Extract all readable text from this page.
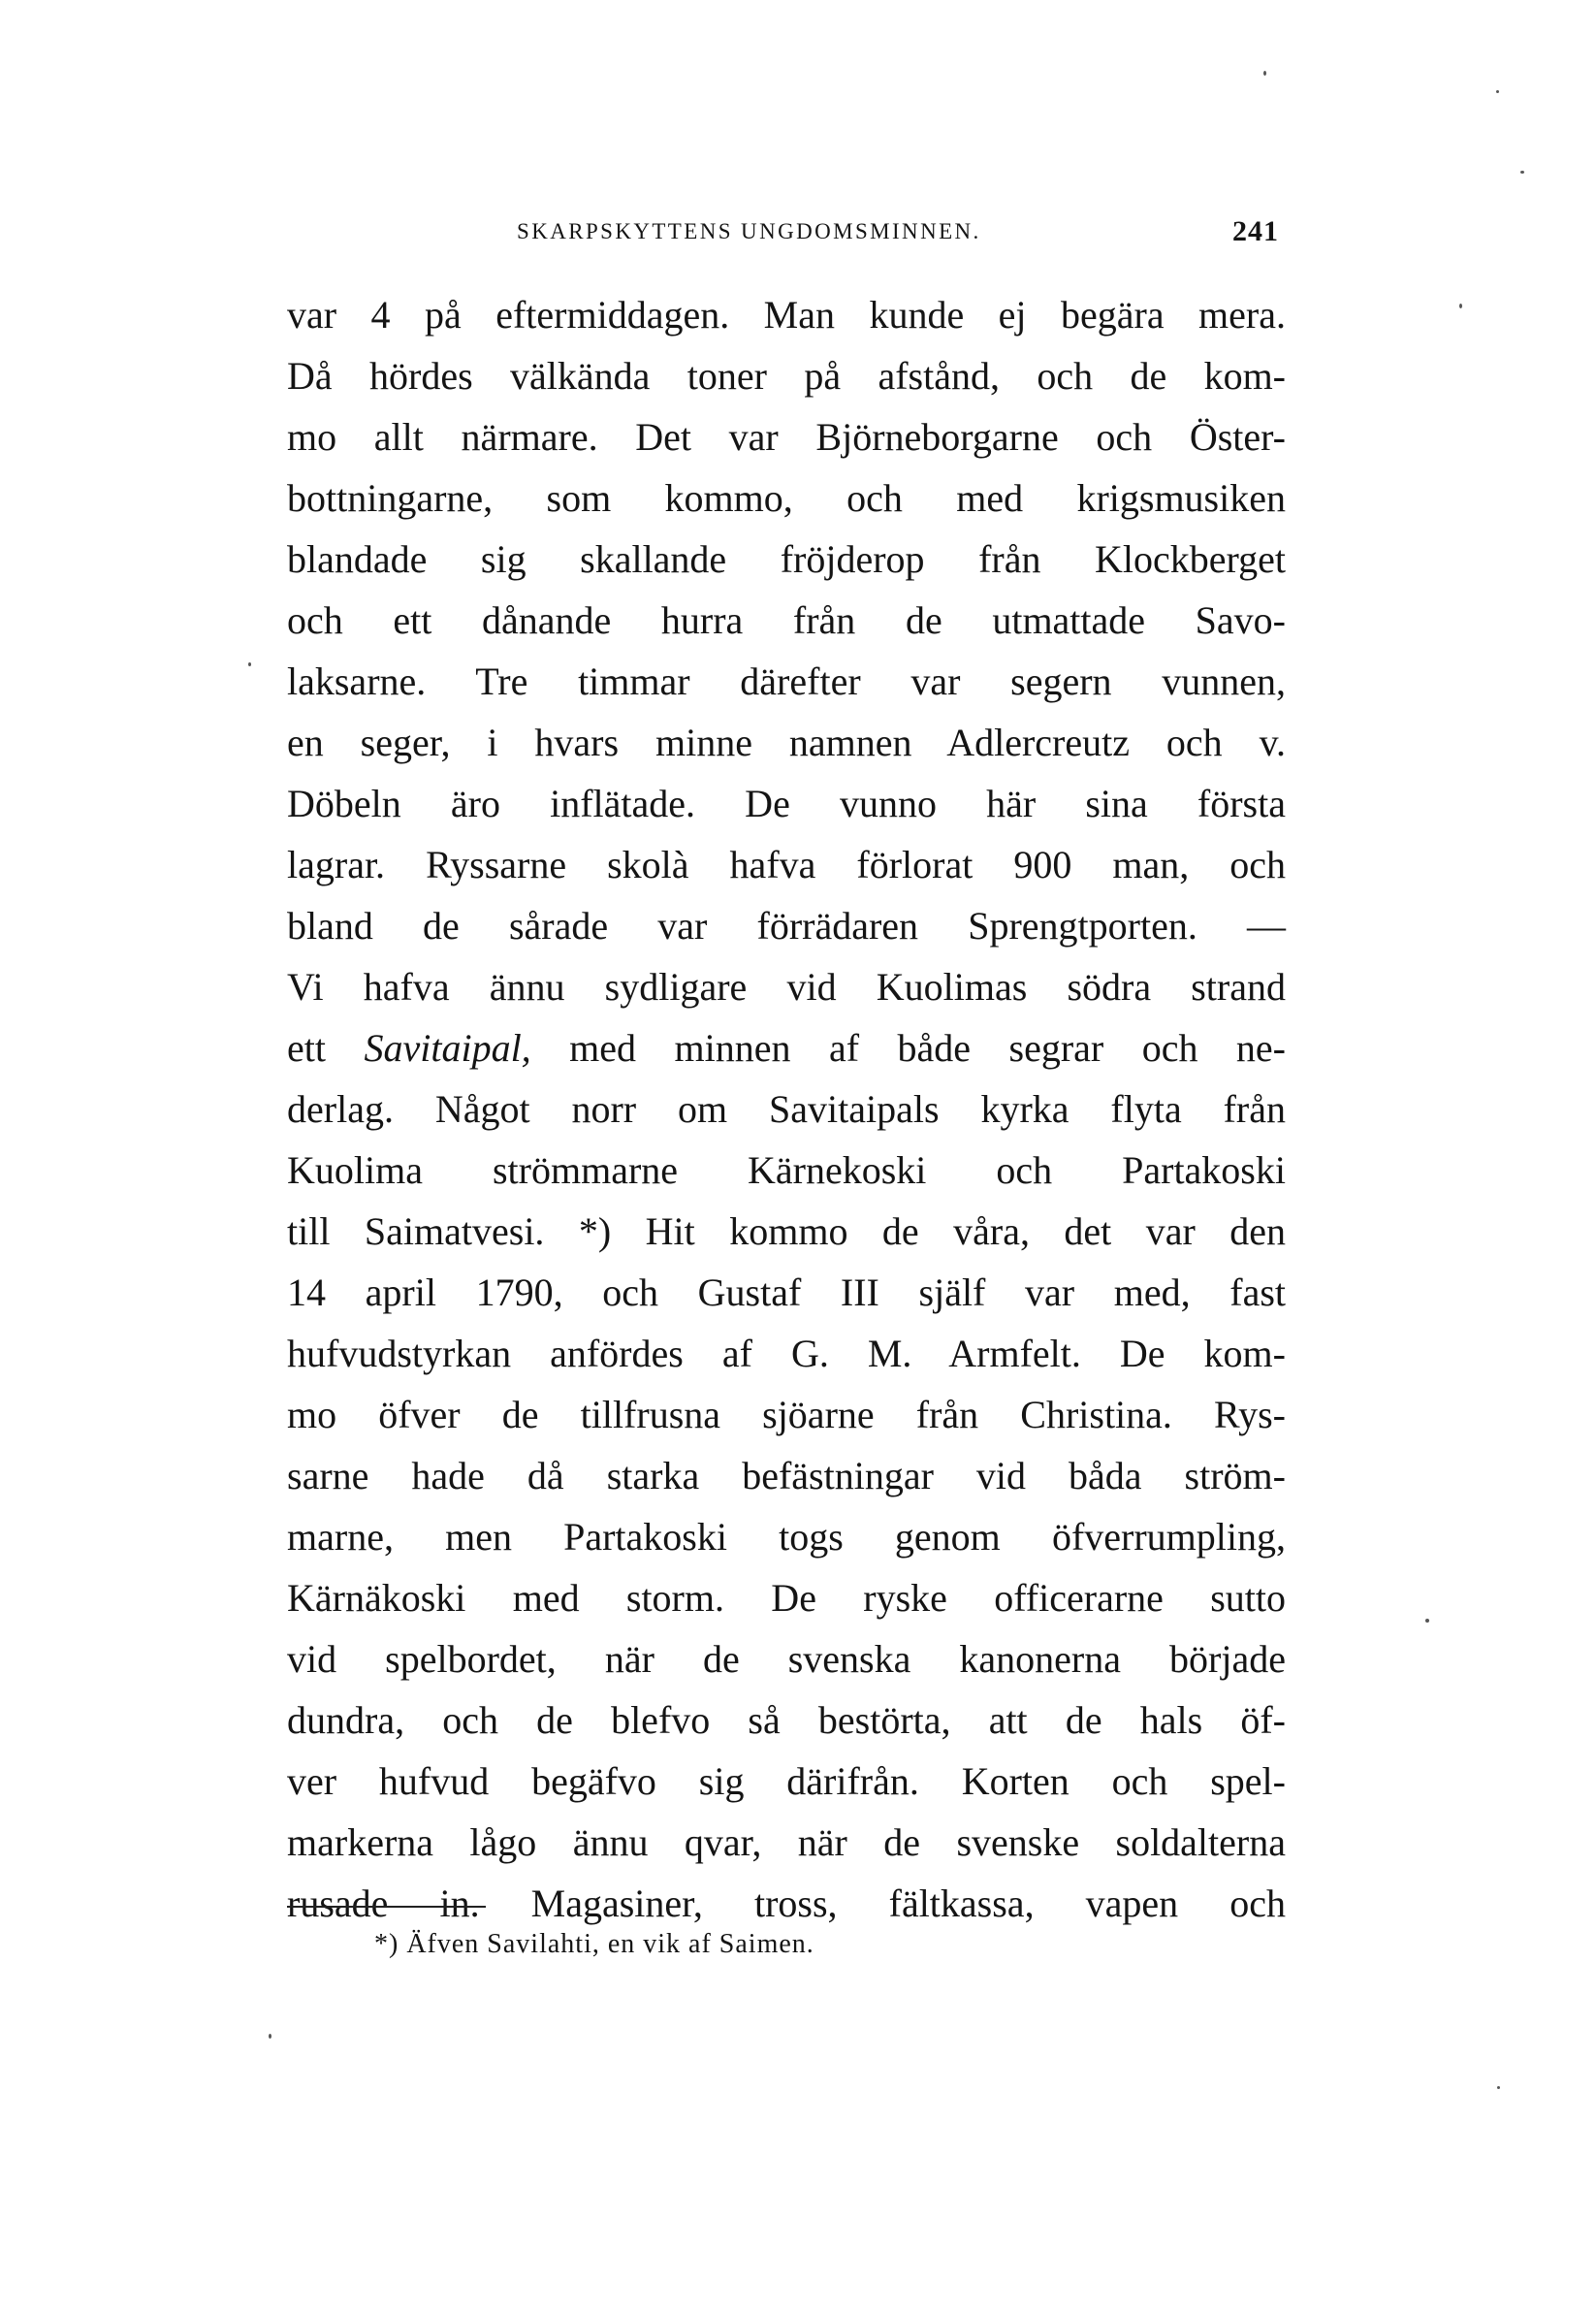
SKARPSKYTTENS UNGDOMSMINNEN.	241
var 4 på eftermiddagen. Man kunde ej begära mera.
Då hördes välkända toner på afstånd, och de kom-
mo allt närmare. Det var Björneborgarne och Öster-
bottningarne, som kommo, och med krigsmusiken
blandade sig skallande fröjderop från Klockberget
och ett dånande hurra från de utmattade Savo-
laksarne. Tre timmar därefter var segern vunnen,
en seger, i hvars minne namnen Adlercreutz och v.
Döbeln äro inflätade. De vunno här sina första
lagrar. Ryssarne skolà hafva förlorat 900 man, och
bland de sårade var förrädaren Sprengtporten. —
Vi hafva ännu sydligare vid Kuolimas södra strand
ett Savitaipal, med minnen af både segrar och ne-
derlag. Något norr om Savitaipals kyrka flyta från
Kuolima strömmarne Kärnekoski och Partakoski
till Saimatvesi. *) Hit kommo de våra, det var den
14 april 1790, och Gustaf III själf var med, fast
hufvudstyrkan anfördes af G. M. Armfelt. De kom-
mo öfver de tillfrusna sjöarne från Christina. Rys-
sarne hade då starka befästningar vid båda ström-
marne, men Partakoski togs genom öfverrumpling,
Kärnäkoski med storm. De ryske officerarne sutto
vid spelbordet, när de svenska kanonerna började
dundra, och de blefvo så bestörta, att de hals öf-
ver hufvud begäfvo sig därifrån. Korten och spel-
markerna lågo ännu qvar, när de svenske soldalterna
rusade in. Magasiner, tross, fältkassa, vapen och
*) Äfven Savilahti, en vik af Saimen.
